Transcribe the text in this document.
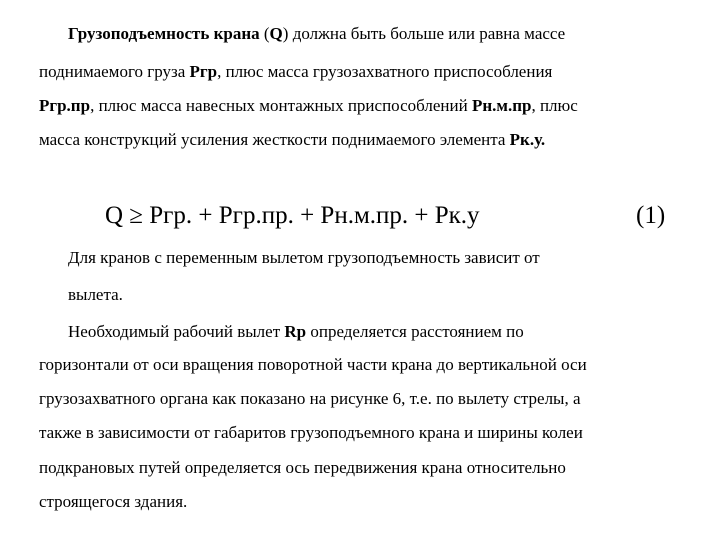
Грузоподъемность крана (Q) должна быть больше или равна массе
поднимаемого груза Pгр, плюс масса грузозахватного приспособления
Pгр.пр, плюс масса навесных монтажных приспособлений Pн.м.пр, плюс
масса конструкций усиления жесткости поднимаемого элемента Pк.у.
Q ≥ Pгр. + Pгр.пр. + Pн.м.пр. + Pк.у	(1)
Для кранов с переменным вылетом грузоподъемность зависит от
вылета.
Необходимый рабочий вылет Rр определяется расстоянием по
горизонтали от оси вращения поворотной части крана до вертикальной оси
грузозахватного органа как показано на рисунке 6, т.е. по вылету стрелы, а
также в зависимости от габаритов грузоподъемного крана и ширины колеи
подкрановых путей определяется ось передвижения крана относительно
строящегося здания.
